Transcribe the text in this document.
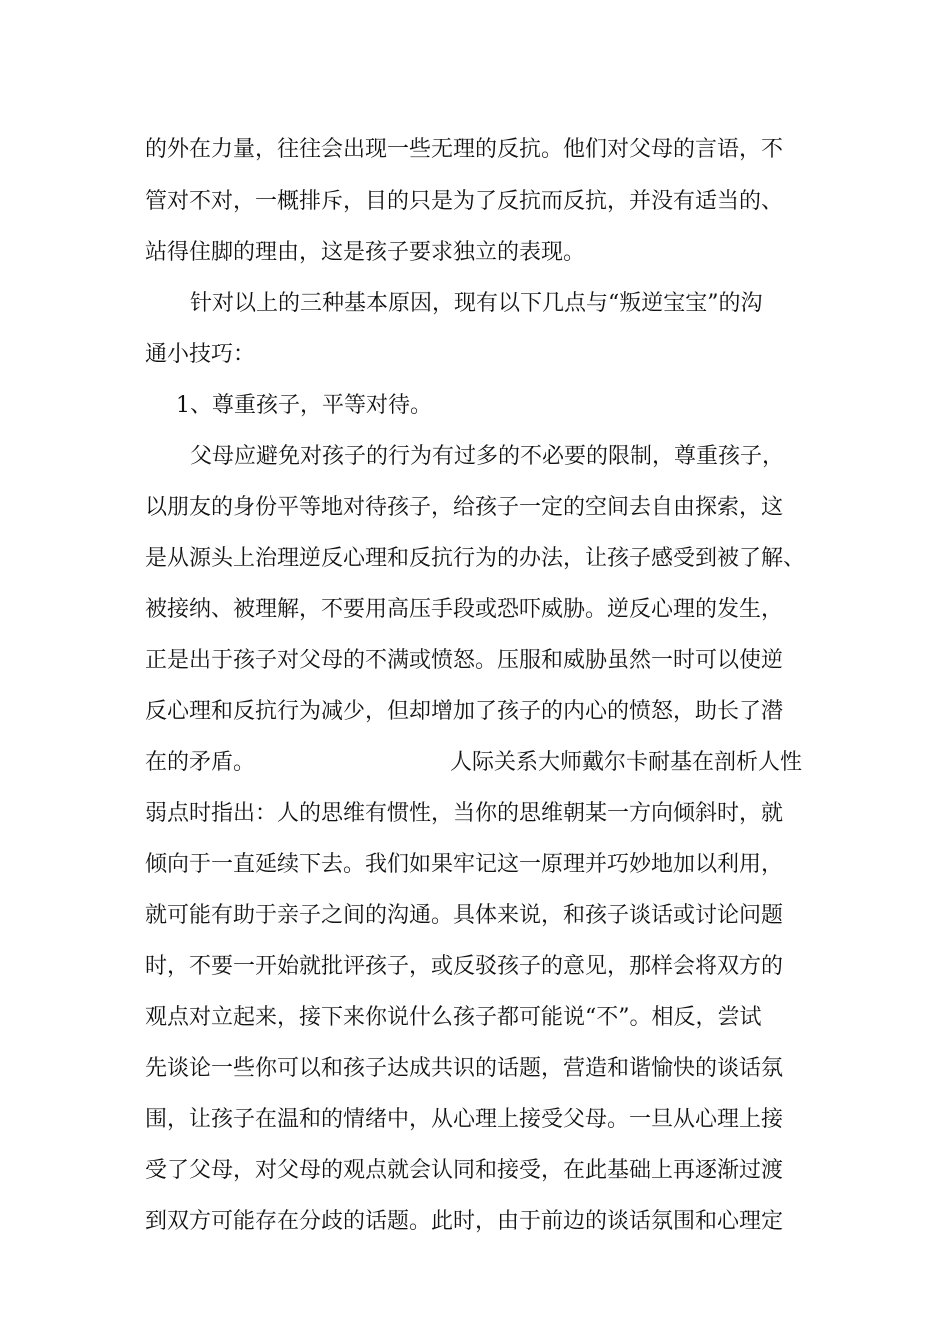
的外在力量，往往会出现一些无理的反抗。他们对父母的言语，不
管对不对，一概排斥，目的只是为了反抗而反抗，并没有适当的、
站得住脚的理由，这是孩子要求独立的表现。
针对以上的三种基本原因，现有以下几点与“叛逆宝宝”的沟
通小技巧：
1、尊重孩子，平等对待。
父母应避免对孩子的行为有过多的不必要的限制，尊重孩子，
以朋友的身份平等地对待孩子，给孩子一定的空间去自由探索，这
是从源头上治理逆反心理和反抗行为的办法，让孩子感受到被了解、
被接纳、被理解，不要用高压手段或恐吓威胁。逆反心理的发生，
正是出于孩子对父母的不满或愤怒。压服和威胁虽然一时可以使逆
反心理和反抗行为减少，但却增加了孩子的内心的愤怒，助长了潜
在的矛盾。	人际关系大师戴尔卡耐基在剖析人性
弱点时指出：人的思维有惯性，当你的思维朝某一方向倾斜时，就
倾向于一直延续下去。我们如果牢记这一原理并巧妙地加以利用，
就可能有助于亲子之间的沟通。具体来说，和孩子谈话或讨论问题
时，不要一开始就批评孩子，或反驳孩子的意见，那样会将双方的
观点对立起来，接下来你说什么孩子都可能说“不”。相反，尝试
先谈论一些你可以和孩子达成共识的话题，营造和谐愉快的谈话氛
围，让孩子在温和的情绪中，从心理上接受父母。一旦从心理上接
受了父母，对父母的观点就会认同和接受，在此基础上再逐渐过渡
到双方可能存在分歧的话题。此时，由于前边的谈话氛围和心理定
